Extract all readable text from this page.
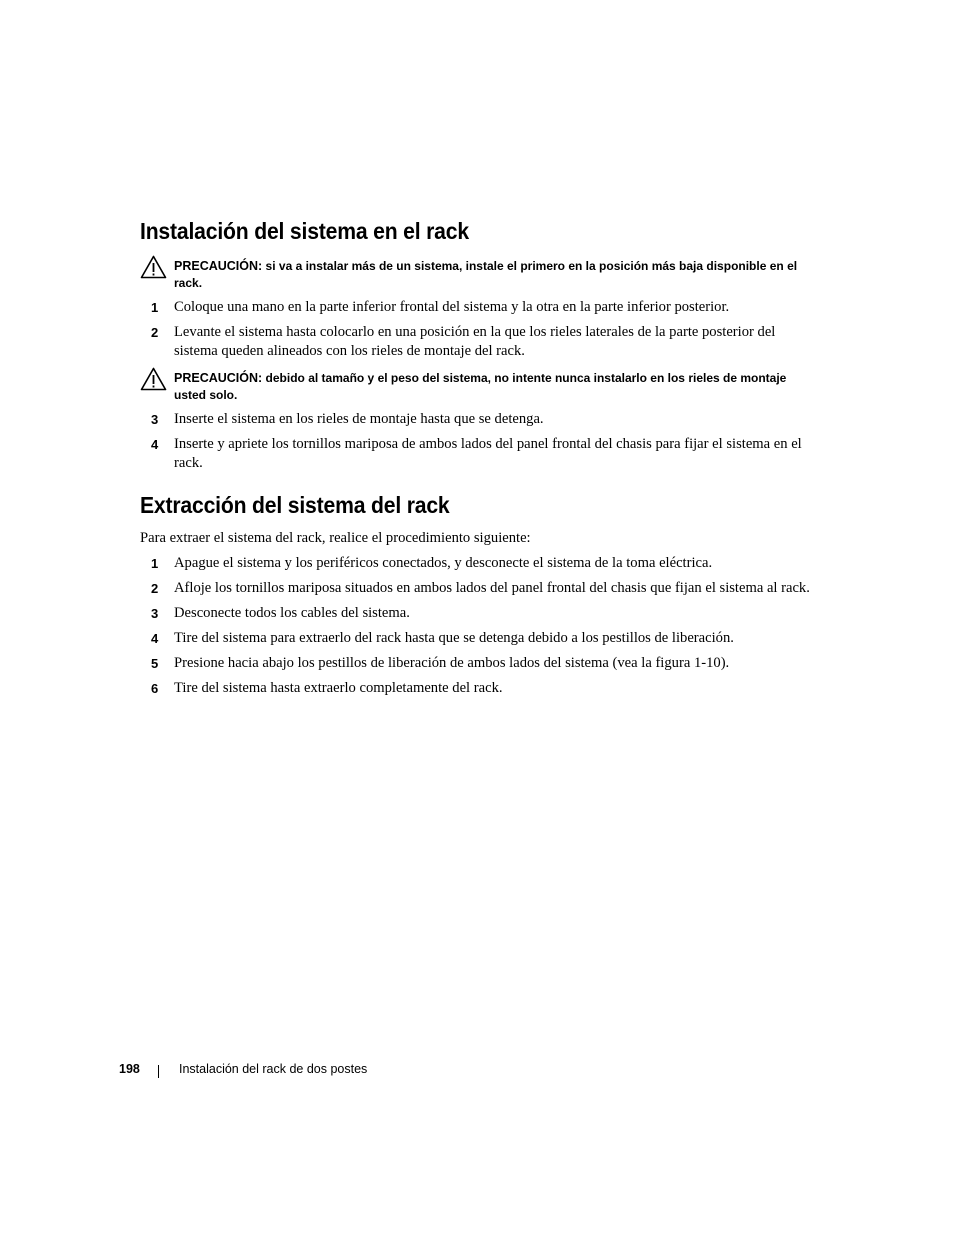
Instalación del sistema en el rack
PRECAUCIÓN: si va a instalar más de un sistema, instale el primero en la posición más baja disponible en el rack.
1 Coloque una mano en la parte inferior frontal del sistema y la otra en la parte inferior posterior.
2 Levante el sistema hasta colocarlo en una posición en la que los rieles laterales de la parte posterior del sistema queden alineados con los rieles de montaje del rack.
PRECAUCIÓN: debido al tamaño y el peso del sistema, no intente nunca instalarlo en los rieles de montaje usted solo.
3 Inserte el sistema en los rieles de montaje hasta que se detenga.
4 Inserte y apriete los tornillos mariposa de ambos lados del panel frontal del chasis para fijar el sistema en el rack.
Extracción del sistema del rack
Para extraer el sistema del rack, realice el procedimiento siguiente:
1 Apague el sistema y los periféricos conectados, y desconecte el sistema de la toma eléctrica.
2 Afloje los tornillos mariposa situados en ambos lados del panel frontal del chasis que fijan el sistema al rack.
3 Desconecte todos los cables del sistema.
4 Tire del sistema para extraerlo del rack hasta que se detenga debido a los pestillos de liberación.
5 Presione hacia abajo los pestillos de liberación de ambos lados del sistema (vea la figura 1-10).
6 Tire del sistema hasta extraerlo completamente del rack.
198	Instalación del rack de dos postes
